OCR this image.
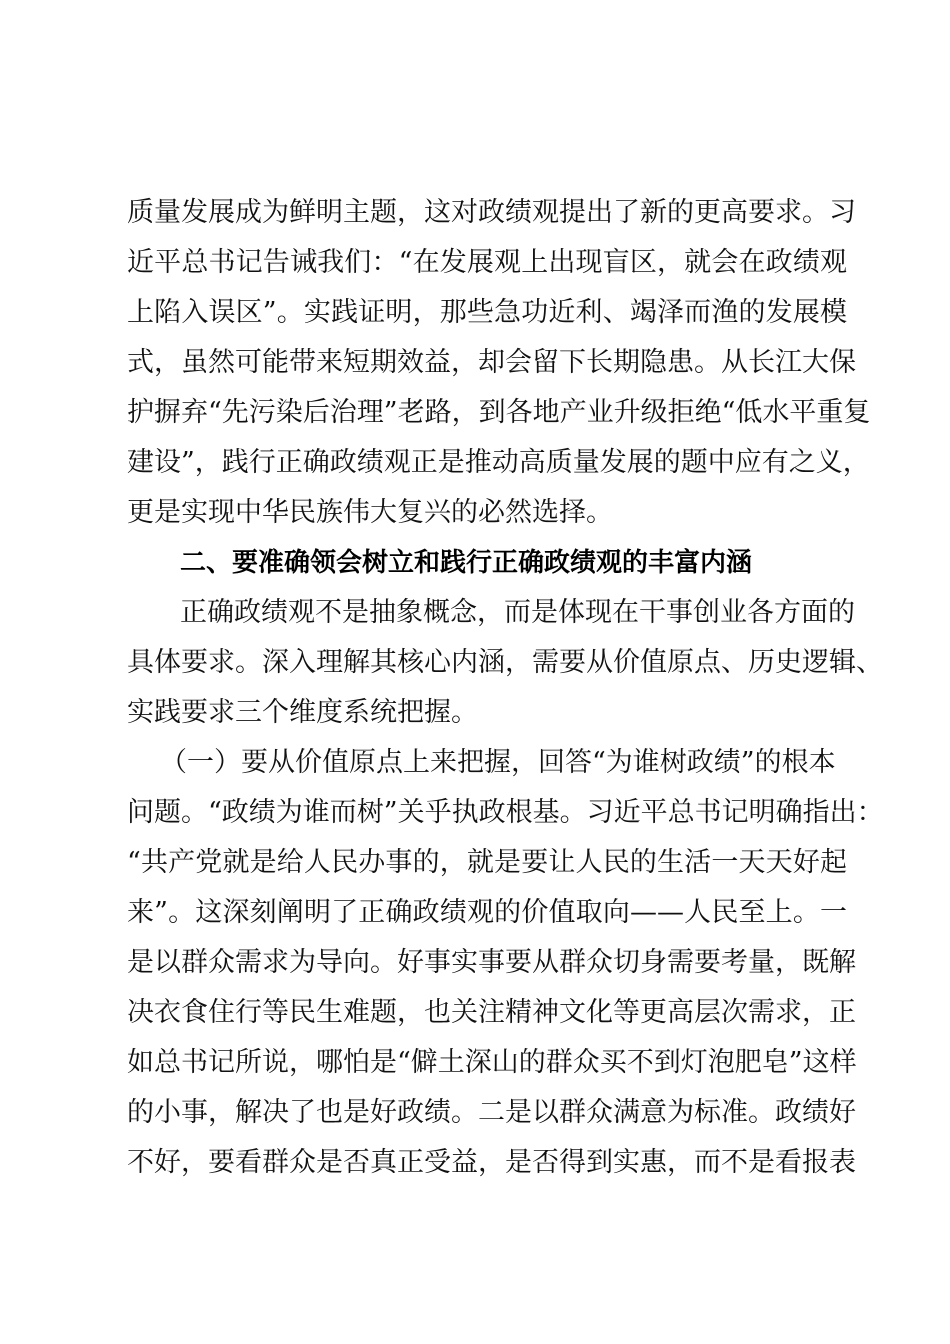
质量发展成为鲜明主题，这对政绩观提出了新的更高要求。习
近平总书记告诫我们：“在发展观上出现盲区，就会在政绩观
上陷入误区”。实践证明，那些急功近利、竭泽而渔的发展模
式，虽然可能带来短期效益，却会留下长期隐患。从长江大保
护摒弃“先污染后治理”老路，到各地产业升级拒绝“低水平重复
建设”，践行正确政绩观正是推动高质量发展的题中应有之义，
更是实现中华民族伟大复兴的必然选择。
二、要准确领会树立和践行正确政绩观的丰富内涵
正确政绩观不是抽象概念，而是体现在干事创业各方面的
具体要求。深入理解其核心内涵，需要从价值原点、历史逻辑、
实践要求三个维度系统把握。
（一）要从价值原点上来把握，回答“为谁树政绩”的根本
问题。“政绩为谁而树”关乎执政根基。习近平总书记明确指出：
“共产党就是给人民办事的，就是要让人民的生活一天天好起
来”。这深刻阐明了正确政绩观的价值取向——人民至上。一
是以群众需求为导向。好事实事要从群众切身需要考量，既解
决衣食住行等民生难题，也关注精神文化等更高层次需求，正
如总书记所说，哪怕是“僻土深山的群众买不到灯泡肥皂”这样
的小事，解决了也是好政绩。二是以群众满意为标准。政绩好
不好，要看群众是否真正受益，是否得到实惠，而不是看报表
